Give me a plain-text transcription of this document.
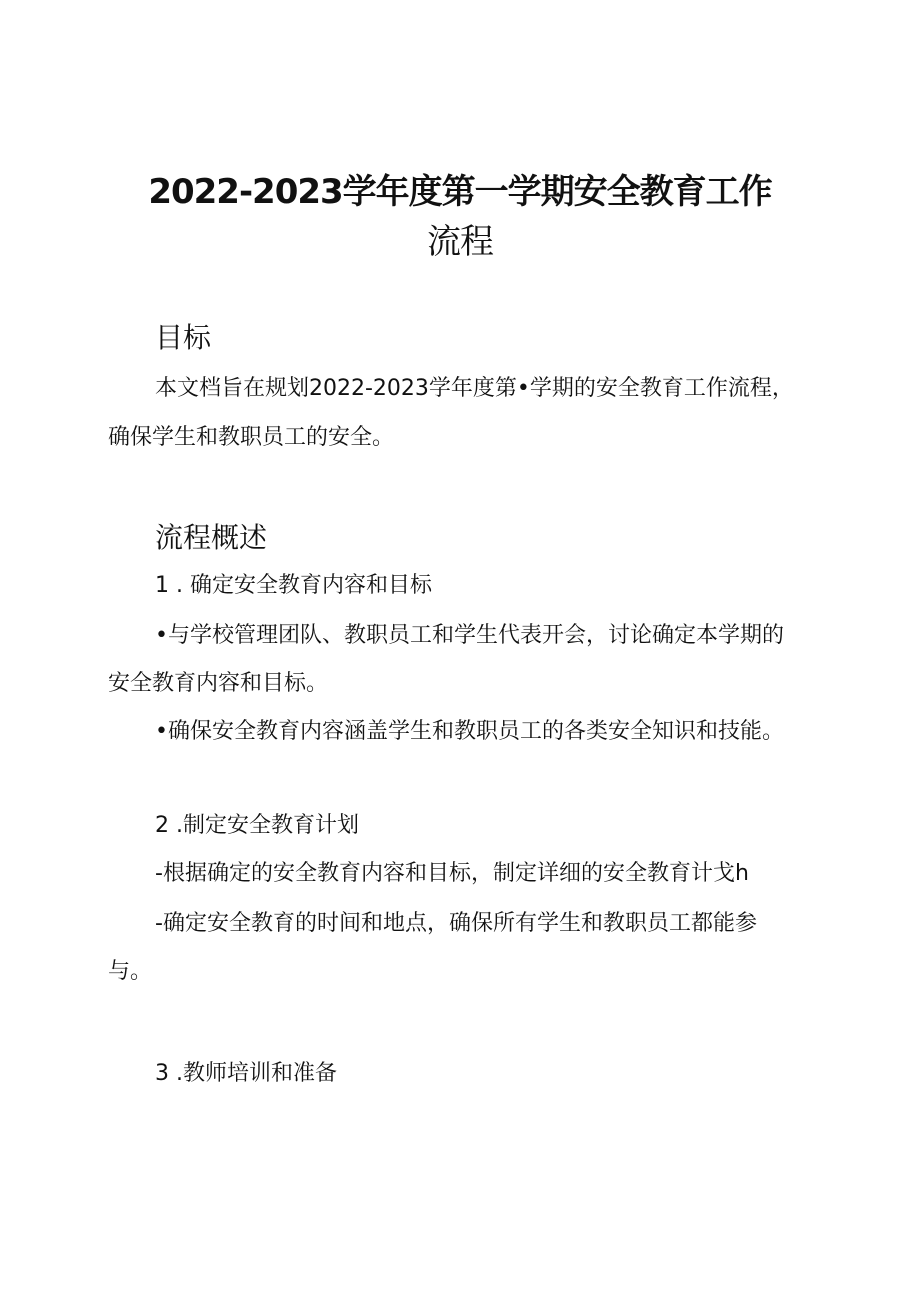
2022-2023学年度第一学期安全教育工作
流程
目标

本文档旨在规划2022-2023学年度第•学期的安全教育工作流程，

确保学生和教职员工的安全。

流程概述

1 . 确定安全教育内容和目标

•与学校管理团队、教职员工和学生代表开会，讨论确定本学期的

安全教育内容和目标。

•确保安全教育内容涵盖学生和教职员工的各类安全知识和技能。

2 .制定安全教育计划

-根据确定的安全教育内容和目标，制定详细的安全教育计戈h

-确定安全教育的时间和地点，确保所有学生和教职员工都能参

与。

3 .教师培训和准备
